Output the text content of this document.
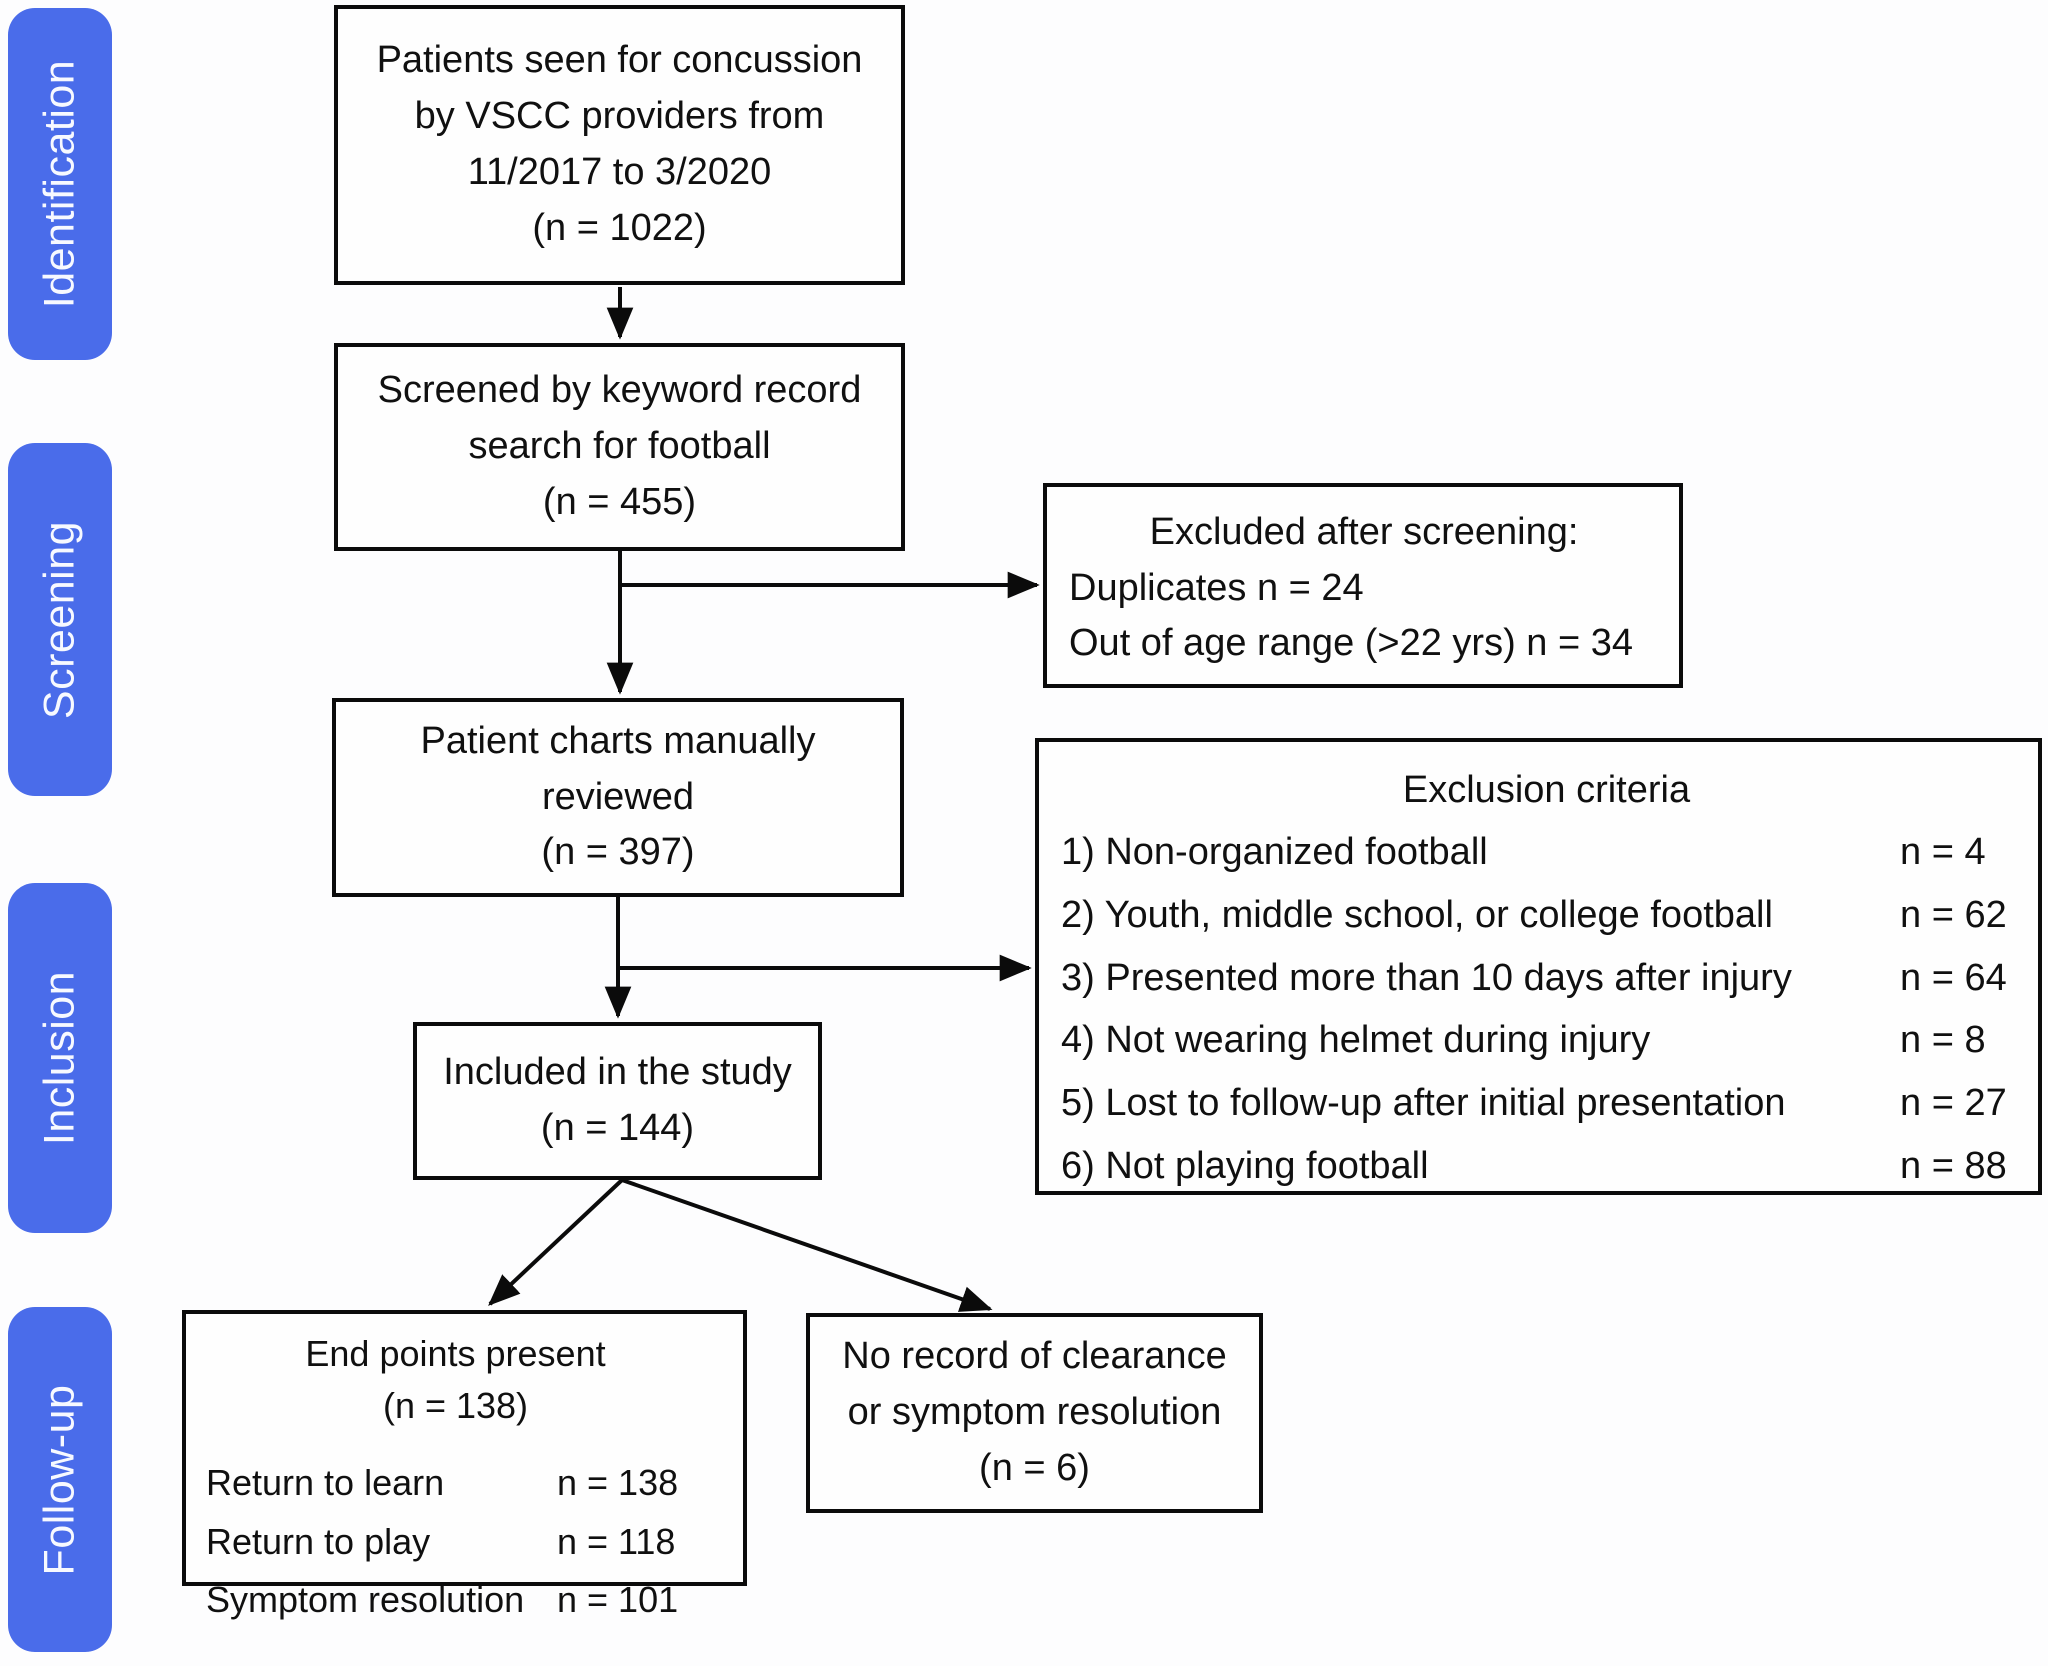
Identification
Screening
Inclusion
Follow-up
Patients seen for concussion
by VSCC providers from
11/2017 to 3/2020
(n = 1022)
Screened by keyword record
search for football
(n = 455)
Excluded after screening:
Duplicates n = 24
Out of age range (>22 yrs) n = 34
Patient charts manually
reviewed
(n = 397)
Exclusion criteria
1) Non-organized football	n = 4
2) Youth, middle school, or college football	n = 62
3) Presented more than 10 days after injury	n = 64
4) Not wearing helmet during injury	n = 8
5) Lost to follow-up after initial presentation	n = 27
6) Not playing football	n = 88
Included in the study
(n = 144)
End points present
(n = 138)
Return to learn	n = 138
Return to play	n = 118
Symptom resolution n = 101
No record of clearance
or symptom resolution
(n = 6)
